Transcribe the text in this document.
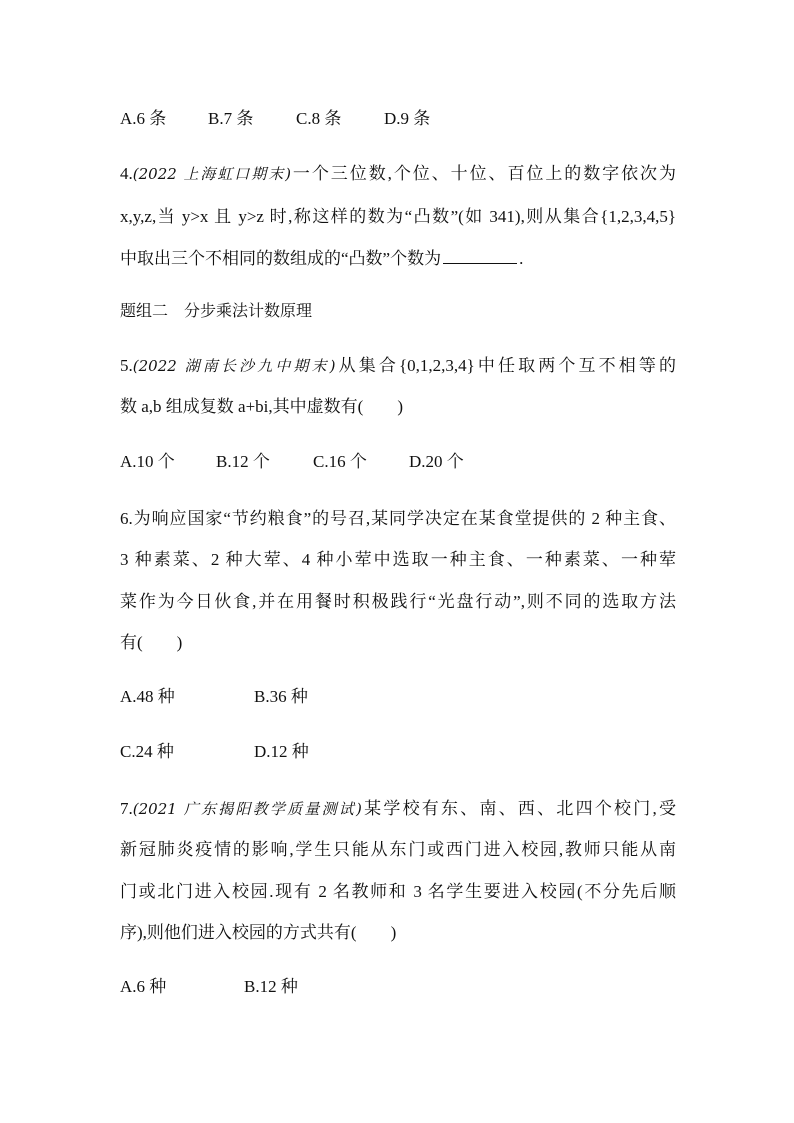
A.6 条 B.7 条	C.8 条	D.9 条
4.(2022 上海虹口期末)一个三位数,个位、十位、百位上的数字依次为
x,y,z,当 y>x 且 y>z 时,称这样的数为“凸数”(如 341),则从集合{1,2,3,4,5}
中取出三个不相同的数组成的“凸数”个数为	.
题组二　分步乘法计数原理
5.(2022 湖南长沙九中期末)从集合{0,1,2,3,4}中任取两个互不相等的
数 a,b 组成复数 a+bi,其中虚数有( )
A.10 个 B.12 个	C.16 个 D.20 个
6.为响应国家“节约粮食”的号召,某同学决定在某食堂提供的 2 种主食、
3 种素菜、2 种大荤、4 种小荤中选取一种主食、一种素菜、一种荤
菜作为今日伙食,并在用餐时积极践行“光盘行动”,则不同的选取方法
有( )
A.48 种	B.36 种
C.24 种	D.12 种
7.(2021 广东揭阳教学质量测试)某学校有东、南、西、北四个校门,受
新冠肺炎疫情的影响,学生只能从东门或西门进入校园,教师只能从南
门或北门进入校园.现有 2 名教师和 3 名学生要进入校园(不分先后顺
序),则他们进入校园的方式共有( )
A.6 种	B.12 种
